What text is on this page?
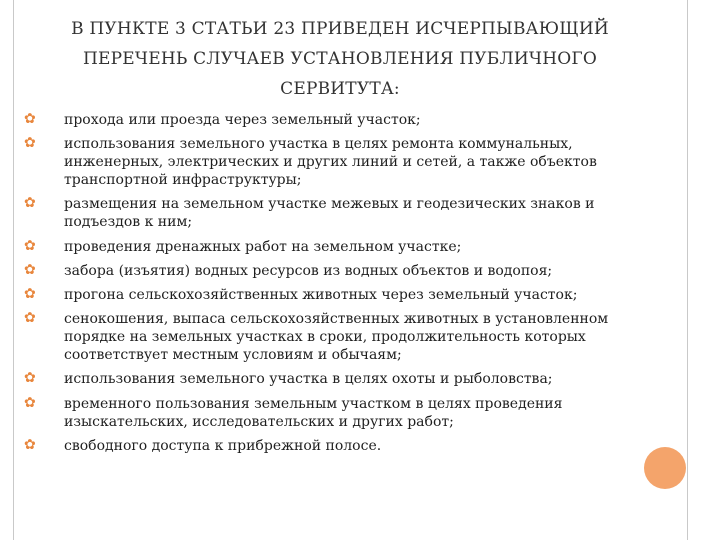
В ПУНКТЕ 3 СТАТЬИ 23 ПРИВЕДЕН ИСЧЕРПЫВАЮЩИЙ
ПЕРЕЧЕНЬ СЛУЧАЕВ УСТАНОВЛЕНИЯ ПУБЛИЧНОГО
СЕРВИТУТА:
✿ прохода или проезда через земельный участок;
✿ использования земельного участка в целях ремонта коммунальных, инженерных, электрических и других линий и сетей, а также объектов транспортной инфраструктуры;
✿ размещения на земельном участке межевых и геодезических знаков и подъездов к ним;
✿ проведения дренажных работ на земельном участке;
✿ забора (изъятия) водных ресурсов из водных объектов и водопоя;
✿ прогона сельскохозяйственных животных через земельный участок;
✿ сенокошения, выпаса сельскохозяйственных животных в установленном порядке на земельных участках в сроки, продолжительность которых соответствует местным условиям и обычаям;
✿ использования земельного участка в целях охоты и рыболовства;
✿ временного пользования земельным участком в целях проведения изыскательских, исследовательских и других работ;
✿ свободного доступа к прибрежной полосе.
